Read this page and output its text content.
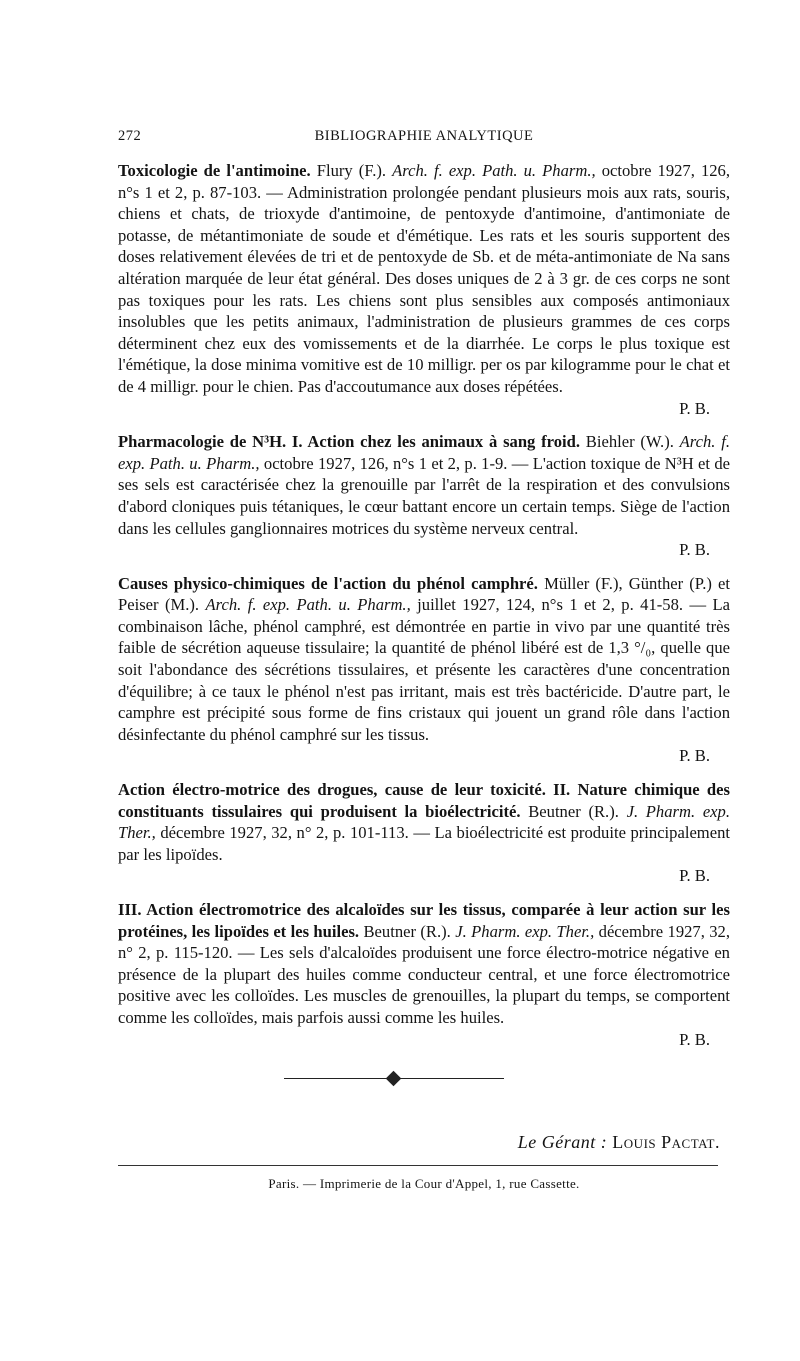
272	BIBLIOGRAPHIE ANALYTIQUE

Toxicologie de l'antimoine. Flury (F.). Arch. f. exp. Path. u. Pharm., octobre 1927, 126, n°s 1 et 2, p. 87-103. — Administration prolongée pendant plusieurs mois aux rats, souris, chiens et chats, de trioxyde d'antimoine, de pentoxyde d'antimoine, d'antimoniate de potasse, de métantimoniate de soude et d'émétique. Les rats et les souris supportent des doses relativement élevées de tri et de pentoxyde de Sb. et de méta-antimoniate de Na sans altération marquée de leur état général. Des doses uniques de 2 à 3 gr. de ces corps ne sont pas toxiques pour les rats. Les chiens sont plus sensibles aux composés antimoniaux insolubles que les petits animaux, l'administration de plusieurs grammes de ces corps déterminent chez eux des vomissements et de la diarrhée. Le corps le plus toxique est l'émétique, la dose minima vomitive est de 10 milligr. per os par kilogramme pour le chat et de 4 milligr. pour le chien. Pas d'accoutumance aux doses répétées.

P. B.

Pharmacologie de N³H. I. Action chez les animaux à sang froid. Biehler (W.). Arch. f. exp. Path. u. Pharm., octobre 1927, 126, n°s 1 et 2, p. 1-9. — L'action toxique de N³H et de ses sels est caractérisée chez la grenouille par l'arrêt de la respiration et des convulsions d'abord cloniques puis tétaniques, le cœur battant encore un certain temps. Siège de l'action dans les cellules ganglionnaires motrices du système nerveux central.

P. B.

Causes physico-chimiques de l'action du phénol camphré. Müller (F.), Günther (P.) et Peiser (M.). Arch. f. exp. Path. u. Pharm., juillet 1927, 124, n°s 1 et 2, p. 41-58. — La combinaison lâche, phénol camphré, est démontrée en partie in vivo par une quantité très faible de sécrétion aqueuse tissulaire; la quantité de phénol libéré est de 1,3 °/₀, quelle que soit l'abondance des sécrétions tissulaires, et présente les caractères d'une concentration d'équilibre; à ce taux le phénol n'est pas irritant, mais est très bactéricide. D'autre part, le camphre est précipité sous forme de fins cristaux qui jouent un grand rôle dans l'action désinfectante du phénol camphré sur les tissus.

P. B.

Action électro-motrice des drogues, cause de leur toxicité. II. Nature chimique des constituants tissulaires qui produisent la bioélectricité. Beutner (R.). J. Pharm. exp. Ther., décembre 1927, 32, n° 2, p. 101-113. — La bioélectricité est produite principalement par les lipoïdes.

P. B.

III. Action électromotrice des alcaloïdes sur les tissus, comparée à leur action sur les protéines, les lipoïdes et les huiles. Beutner (R.). J. Pharm. exp. Ther., décembre 1927, 32, n° 2, p. 115-120. — Les sels d'alcaloïdes produisent une force électro-motrice négative en présence de la plupart des huiles comme conducteur central, et une force électromotrice positive avec les colloïdes. Les muscles de grenouilles, la plupart du temps, se comportent comme les colloïdes, mais parfois aussi comme les huiles.

P. B.
Le Gérant : Louis Pactat.
Paris. — Imprimerie de la Cour d'Appel, 1, rue Cassette.
